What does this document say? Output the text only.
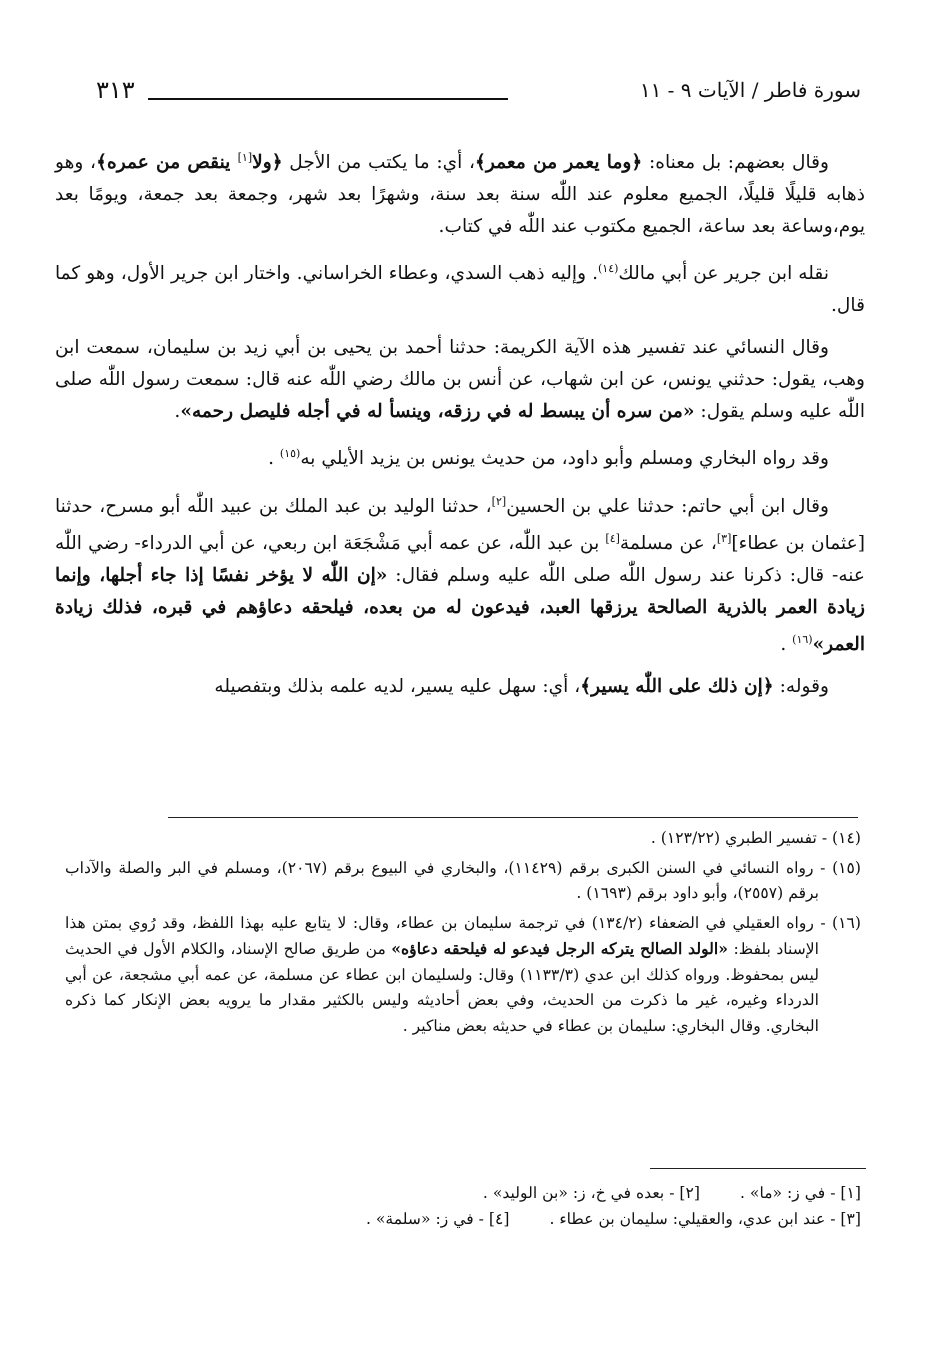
سورة فاطر / الآيات ٩ - ١١
٣١٣

وقال بعضهم: بل معناه: ﴿وما يعمر من معمر﴾، أي: ما يكتب من الأجل ﴿ولا[١] ينقص من عمره﴾، وهو ذهابه قليلًا قليلًا، الجميع معلوم عند اللّٰه سنة بعد سنة، وشهرًا بعد شهر، وجمعة بعد جمعة، ويومًا بعد يوم،وساعة بعد ساعة، الجميع مكتوب عند اللّٰه في كتاب.

نقله ابن جرير عن أبي مالك$^{(١٤)}$. وإليه ذهب السدي، وعطاء الخراساني. واختار ابن جرير الأول، وهو كما قال.

وقال النسائي عند تفسير هذه الآية الكريمة: حدثنا أحمد بن يحيى بن أبي زيد بن سليمان، سمعت ابن وهب، يقول: حدثني يونس، عن ابن شهاب، عن أنس بن مالك رضي اللّٰه عنه قال: سمعت رسول اللّٰه صلى اللّٰه عليه وسلم يقول: «من سره أن يبسط له في رزقه، وينسأ له في أجله فليصل رحمه».

وقد رواه البخاري ومسلم وأبو داود، من حديث يونس بن يزيد الأيلي به$^{(١٥)}$ .

وقال ابن أبي حاتم: حدثنا علي بن الحسين[٢]، حدثنا الوليد بن عبد الملك بن عبيد اللّٰه أبو مسرح، حدثنا [عثمان بن عطاء][٣]، عن مسلمة[٤] بن عبد اللّٰه، عن عمه أبي مَشْجَعَة ابن ربعي، عن أبي الدرداء- رضي اللّٰه عنه- قال: ذكرنا عند رسول اللّٰه صلى اللّٰه عليه وسلم فقال: «إن اللّٰه لا يؤخر نفسًا إذا جاء أجلها، وإنما زيادة العمر بالذرية الصالحة يرزقها العبد، فيدعون له من بعده، فيلحقه دعاؤهم في قبره، فذلك زيادة العمر»$^{(١٦)}$ .

وقوله: ﴿إن ذلك على اللّٰه يسير﴾، أي: سهل عليه يسير، لديه علمه بذلك وبتفصيله

(١٤) - تفسير الطبري (١٢٣/٢٢) .

(١٥) - رواه النسائي في السنن الكبرى برقم (١١٤٢٩)، والبخاري في البيوع برقم (٢٠٦٧)، ومسلم في البر والصلة والآداب برقم (٢٥٥٧)، وأبو داود برقم (١٦٩٣) .

(١٦) - رواه العقيلي في الضعفاء (١٣٤/٢) في ترجمة سليمان بن عطاء، وقال: لا يتابع عليه بهذا اللفظ، وقد رُوي بمتن هذا الإسناد بلفظ: «الولد الصالح يتركه الرجل فيدعو له فيلحقه دعاؤه» من طريق صالح الإسناد، والكلام الأول في الحديث ليس بمحفوظ. ورواه كذلك ابن عدي (١١٣٣/٣) وقال: ولسليمان ابن عطاء عن مسلمة، عن عمه أبي مشجعة، عن أبي الدرداء وغيره، غير ما ذكرت من الحديث، وفي بعض أحاديثه وليس بالكثير مقدار ما يرويه بعض الإنكار كما ذكره البخاري. وقال البخاري: سليمان بن عطاء في حديثه بعض مناكير .

[١] - في ز: «ما» .
[٢] - بعده في خ، ز: «بن الوليد» .
[٣] - عند ابن عدي، والعقيلي: سليمان بن عطاء .
[٤] - في ز: «سلمة» .
